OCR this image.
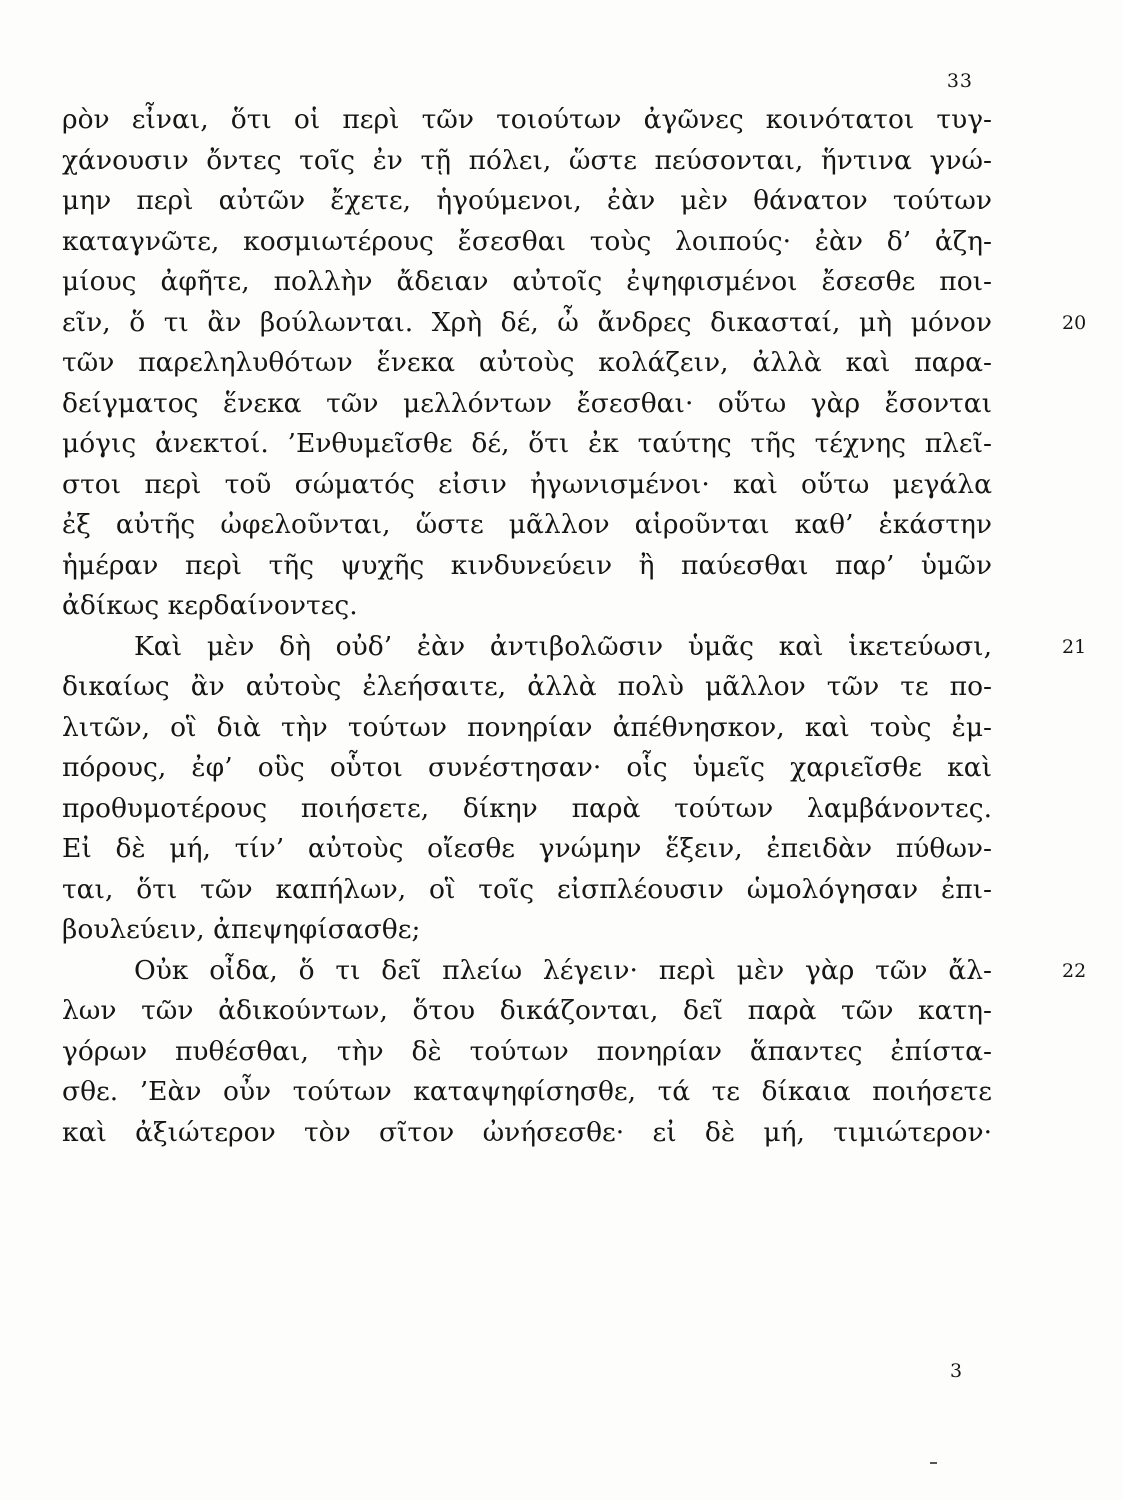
33
ρὸν εἶναι, ὅτι οἱ περὶ τῶν τοιούτων ἀγῶνες κοινότατοι τυγ-
χάνουσιν ὄντες τοῖς ἐν τῇ πόλει, ὥστε πεύσονται, ἥντινα γνώ-
μην περὶ αὐτῶν ἔχετε, ἡγούμενοι, ἐὰν μὲν θάνατον τούτων
καταγνῶτε, κοσμιωτέρους ἔσεσθαι τοὺς λοιπούς· ἐὰν δ’ ἀζη-
μίους ἀφῆτε, πολλὴν ἄδειαν αὐτοῖς ἐψηφισμένοι ἔσεσθε ποι-
εῖν, ὅ τι ἂν βούλωνται. Χρὴ δέ, ὦ ἄνδρες δικασταί, μὴ μόνον	20
τῶν παρεληλυθότων ἕνεκα αὐτοὺς κολάζειν, ἀλλὰ καὶ παρα-
δείγματος ἕνεκα τῶν μελλόντων ἔσεσθαι· οὕτω γὰρ ἔσονται
μόγις ἀνεκτοί. ’Ενθυμεῖσθε δέ, ὅτι ἐκ ταύτης τῆς τέχνης πλεῖ-
στοι περὶ τοῦ σώματός εἰσιν ἠγωνισμένοι· καὶ οὕτω μεγάλα
ἐξ αὐτῆς ὠφελοῦνται, ὥστε μᾶλλον αἱροῦνται καθ’ ἑκάστην
ἡμέραν περὶ τῆς ψυχῆς κινδυνεύειν ἢ παύεσθαι παρ’ ὑμῶν
ἀδίκως κερδαίνοντες.
Καὶ μὲν δὴ οὐδ’ ἐὰν ἀντιβολῶσιν ὑμᾶς καὶ ἱκετεύωσι,	21
δικαίως ἂν αὐτοὺς ἐλεήσαιτε, ἀλλὰ πολὺ μᾶλλον τῶν τε πο-
λιτῶν, οἳ διὰ τὴν τούτων πονηρίαν ἀπέθνησκον, καὶ τοὺς ἐμ-
πόρους, ἐφ’ οὓς οὗτοι συνέστησαν· οἷς ὑμεῖς χαριεῖσθε καὶ
προθυμοτέρους ποιήσετε, δίκην παρὰ τούτων λαμβάνοντες.
Εἰ δὲ μή, τίν’ αὐτοὺς οἴεσθε γνώμην ἕξειν, ἐπειδὰν πύθων-
ται, ὅτι τῶν καπήλων, οἳ τοῖς εἰσπλέουσιν ὡμολόγησαν ἐπι-
βουλεύειν, ἀπεψηφίσασθε;
Οὐκ οἶδα, ὅ τι δεῖ πλείω λέγειν· περὶ μὲν γὰρ τῶν ἄλ-	22
λων τῶν ἀδικούντων, ὅτου δικάζονται, δεῖ παρὰ τῶν κατη-
γόρων πυθέσθαι, τὴν δὲ τούτων πονηρίαν ἅπαντες ἐπίστα-
σθε. ’Εὰν οὖν τούτων καταψηφίσησθε, τά τε δίκαια ποιήσετε
καὶ ἀξιώτερον τὸν σῖτον ὠνήσεσθε· εἰ δὲ μή, τιμιώτερον·
3
